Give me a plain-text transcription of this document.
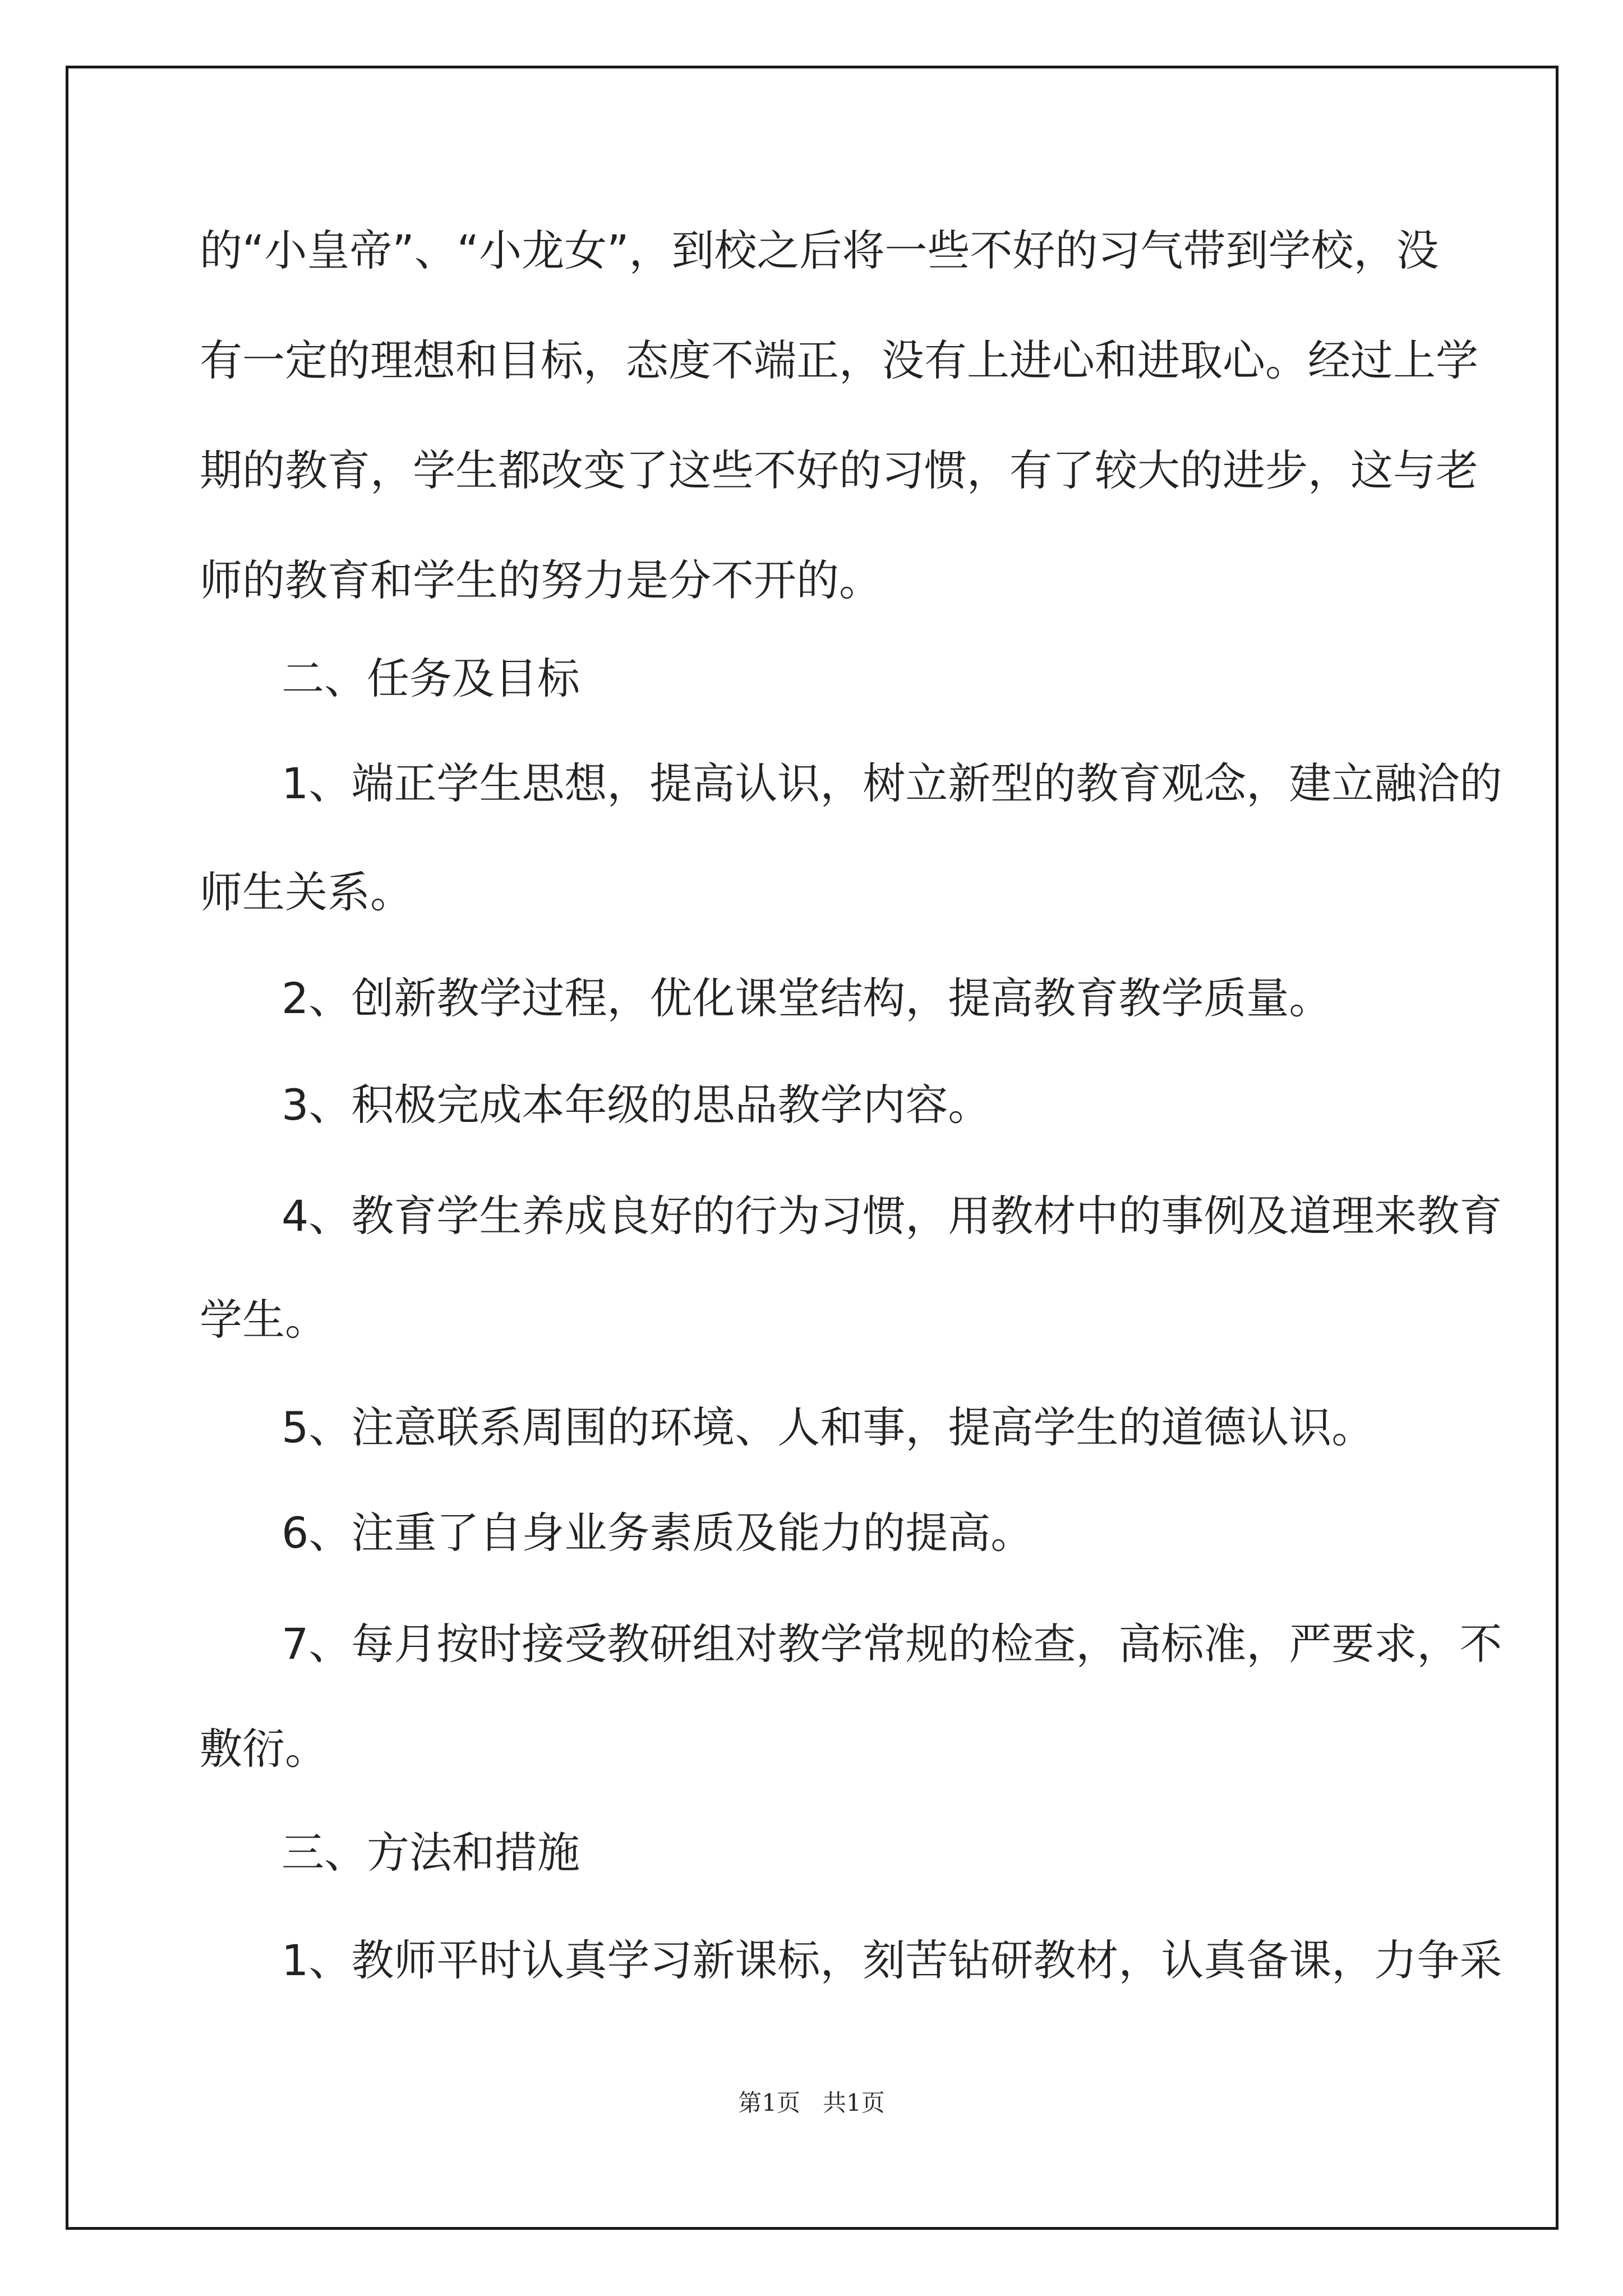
的“小皇帝”、“小龙女”，到校之后将一些不好的习气带到学校，没
有一定的理想和目标，态度不端正，没有上进心和进取心。经过上学
期的教育，学生都改变了这些不好的习惯，有了较大的进步，这与老
师的教育和学生的努力是分不开的。
二、任务及目标
1、端正学生思想，提高认识，树立新型的教育观念，建立融洽的
师生关系。
2、创新教学过程，优化课堂结构，提高教育教学质量。
3、积极完成本年级的思品教学内容。
4、教育学生养成良好的行为习惯，用教材中的事例及道理来教育
学生。
5、注意联系周围的环境、人和事，提高学生的道德认识。
6、注重了自身业务素质及能力的提高。
7、每月按时接受教研组对教学常规的检查，高标准，严要求，不
敷衍。
三、方法和措施
1、教师平时认真学习新课标，刻苦钻研教材，认真备课，力争采
第1页   共1页
